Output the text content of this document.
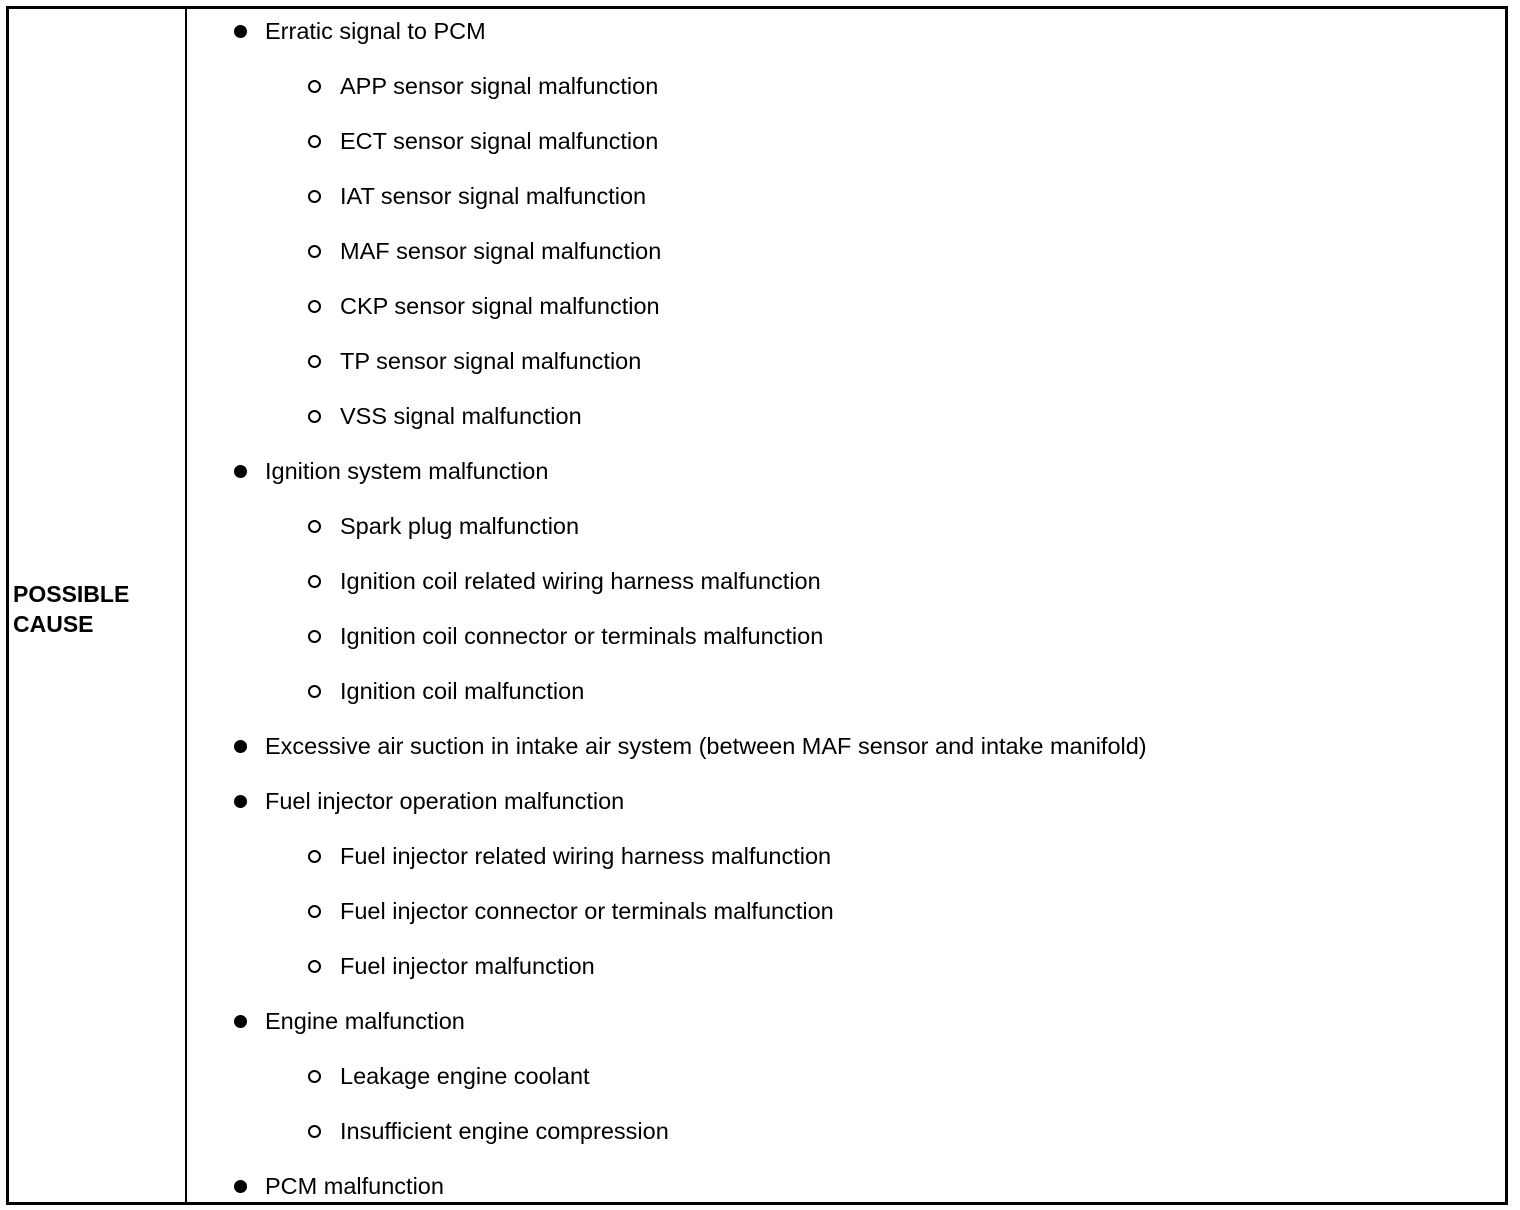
POSSIBLE
CAUSE
Erratic signal to PCM
APP sensor signal malfunction
ECT sensor signal malfunction
IAT sensor signal malfunction
MAF sensor signal malfunction
CKP sensor signal malfunction
TP sensor signal malfunction
VSS signal malfunction
Ignition system malfunction
Spark plug malfunction
Ignition coil related wiring harness malfunction
Ignition coil connector or terminals malfunction
Ignition coil malfunction
Excessive air suction in intake air system (between MAF sensor and intake manifold)
Fuel injector operation malfunction
Fuel injector related wiring harness malfunction
Fuel injector connector or terminals malfunction
Fuel injector malfunction
Engine malfunction
Leakage engine coolant
Insufficient engine compression
PCM malfunction
